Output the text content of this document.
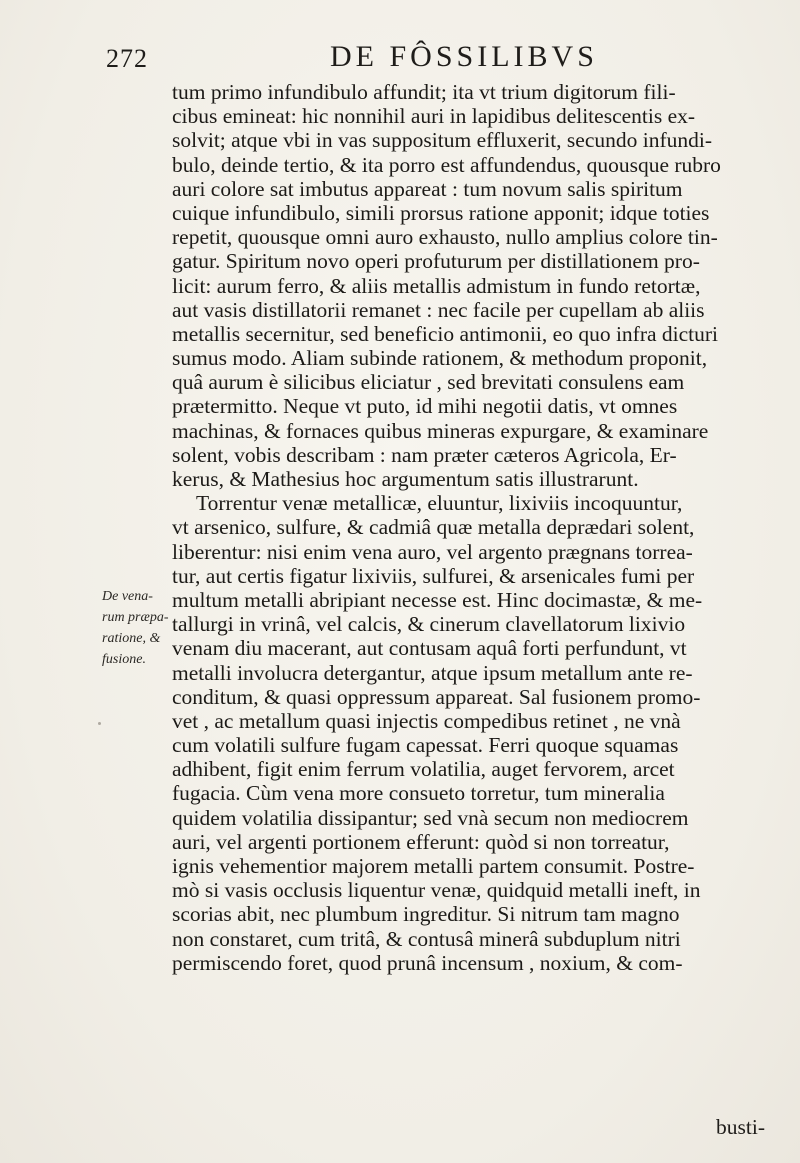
272	DE FÔSSILIBVS
De vena-
rum præpa-
ratione, &
fusione.
tum primo infundibulo affundit; ita vt trium digitorum fili-
cibus emineat: hic nonnihil auri in lapidibus delitescentis ex-
solvit; atque vbi in vas suppositum effluxerit, secundo infundi-
bulo, deinde tertio, & ita porro est affundendus, quousque rubro
auri colore sat imbutus appareat : tum novum salis spiritum
cuique infundibulo, simili prorsus ratione apponit; idque toties
repetit, quousque omni auro exhausto, nullo amplius colore tin-
gatur. Spiritum novo operi profuturum per distillationem pro-
licit: aurum ferro, & aliis metallis admistum in fundo retortæ,
aut vasis distillatorii remanet : nec facile per cupellam ab aliis
metallis secernitur, sed beneficio antimonii, eo quo infra dicturi
sumus modo. Aliam subinde rationem, & methodum proponit,
quâ aurum è silicibus eliciatur , sed brevitati consulens eam
prætermitto. Neque vt puto, id mihi negotii datis, vt omnes
machinas, & fornaces quibus mineras expurgare, & examinare
solent, vobis describam : nam præter cæteros Agricola, Er-
kerus, & Mathesius hoc argumentum satis illustrarunt.
Torrentur venæ metallicæ, eluuntur, lixiviis incoquuntur,
vt arsenico, sulfure, & cadmiâ quæ metalla deprædari solent,
liberentur: nisi enim vena auro, vel argento prægnans torrea-
tur, aut certis figatur lixiviis, sulfurei, & arsenicales fumi per
multum metalli abripiant necesse est. Hinc docimastæ, & me-
tallurgi in vrinâ, vel calcis, & cinerum clavellatorum lixivio
venam diu macerant, aut contusam aquâ forti perfundunt, vt
metalli involucra detergantur, atque ipsum metallum ante re-
conditum, & quasi oppressum appareat. Sal fusionem promo-
vet , ac metallum quasi injectis compedibus retinet , ne vnà
cum volatili sulfure fugam capessat. Ferri quoque squamas
adhibent, figit enim ferrum volatilia, auget fervorem, arcet
fugacia. Cùm vena more consueto torretur, tum mineralia
quidem volatilia dissipantur; sed vnà secum non mediocrem
auri, vel argenti portionem efferunt: quòd si non torreatur,
ignis vehementior majorem metalli partem consumit. Postre-
mò si vasis occlusis liquentur venæ, quidquid metalli ineft, in
scorias abit, nec plumbum ingreditur. Si nitrum tam magno
non constaret, cum tritâ, & contusâ minerâ subduplum nitri
permiscendo foret, quod prunâ incensum , noxium, & com-
busti-
